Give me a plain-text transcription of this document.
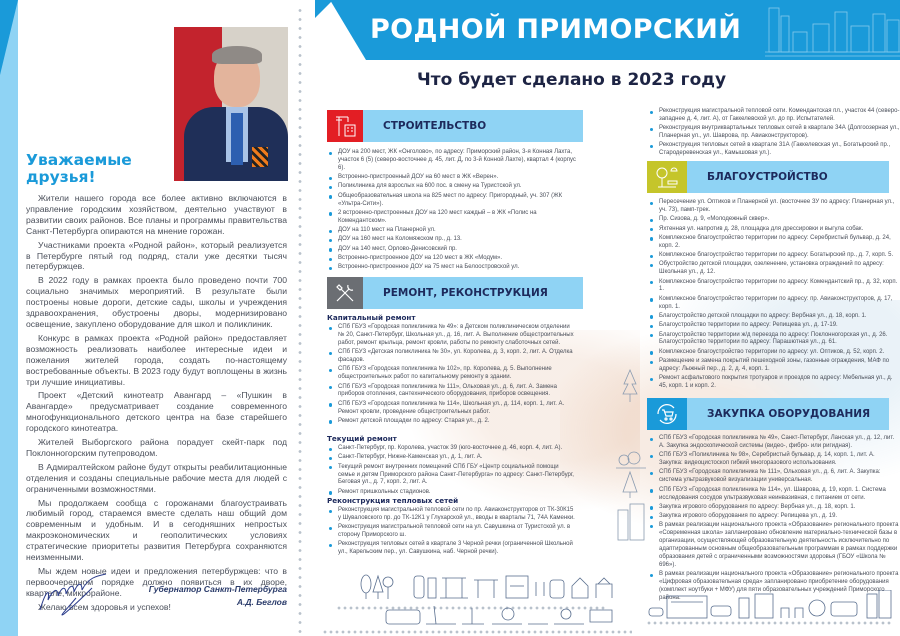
Уважаемые
друзья!

Жители нашего города все более активно включаются в управление городским хозяйством, деятельно участвуют в развитии своих районов. Все планы и программы правительства Санкт-Петербурга опираются на мнение горожан.

Участниками проекта «Родной район», который реализуется в Петербурге пятый год подряд, стали уже десятки тысяч петербуржцев.

В 2022 году в рамках проекта было проведено почти 700 социально значимых мероприятий. В результате были построены новые дороги, детские сады, школы и учреждения здравоохранения, обустроены дворы, модернизировано освещение, закуплено оборудование для школ и поликлиник.

Конкурс в рамках проекта «Родной район» предоставляет возможность реализовать наиболее интересные идеи и пожелания жителей города, создать по-настоящему востребованные объекты. В 2023 году будут воплощены в жизнь три лучшие инициативы.

Проект «Детский кинотеатр Авангард – «Пушкин в Авангарде» предусматривает создание современного многофункционального детского центра на базе старейшего городского кинотеатра.

Жителей Выборгского района порадует скейт-парк под Поклонногорским путепроводом.

В Адмиралтейском районе будут открыты реабилитационные отделения и созданы специальные рабочие места для людей с ограниченными возможностями.

Мы продолжаем сообща с горожанами благоустраивать любимый город, стараемся вместе сделать наш общий дом современным и удобным. И в сегодняшних непростых макроэкономических и геополитических условиях стратегические приоритеты развития Петербурга сохраняются неизменными.

Мы ждем новые идеи и предложения петербуржцев: что в первоочередном порядке должно появиться в их дворе, квартале, микрорайоне.

Желаю всем здоровья и успехов!

Губернатор Санкт-Петербурга
А.Д. Беглов
РОДНОЙ ПРИМОРСКИЙ
Что будет сделано в 2023 году
СТРОИТЕЛЬСТВО
ДОУ на 200 мест, ЖК «Онголово», по адресу: Приморский район, 3-я Конная Лахта, участок 6 (5) (северо-восточнее д. 45, лит. Д, по 3-й Конной Лахте), квартал 4 (корпус 6).
Встроенно-пристроенный ДОУ на 60 мест в ЖК «Верен».
Поликлиника для взрослых на 600 пос. в смену на Туристской ул.
Общеобразовательная школа на 825 мест по адресу: Пригородный, уч. 307 (ЖК «Ультра-Сити»).
2 встроенно-пристроенных ДОУ на 120 мест каждый – в ЖК «Полис на Комендантском».
ДОУ на 110 мест на Планерной ул.
ДОУ на 160 мест на Коломяжском пр., д. 13.
ДОУ на 140 мест, Орлово-Денисовский пр.
Встроенно-пристроенное ДОУ на 120 мест в ЖК «Модум».
Встроенно-пристроенное ДОУ на 75 мест на Белоостровской ул.
РЕМОНТ, РЕКОНСТРУКЦИЯ
Капитальный ремонт
СПб ГБУЗ «Городская поликлиника № 49»: в Детском поликлиническом отделении № 20, Санкт-Петербург, Школьная ул., д. 16, лит. А. Выполнение общестроительных работ, ремонт крыльца, ремонт кровли, работы по ремонту слаботочных сетей.
СПб ГБУЗ «Детская поликлиника № 30», ул. Королева, д. 3, корп. 2, лит. А. Отделка фасадов.
СПб ГБУЗ «Городская поликлиника № 102», пр. Королева, д. 5. Выполнение общестроительных работ по капитальному ремонту в здании.
СПб ГБУЗ «Городская поликлиника № 111», Ольховая ул., д. 6, лит. А. Замена приборов отопления, сантехнического оборудования, приборов освещения.
СПб ГБУЗ «Городская поликлиника № 114», Школьная ул., д. 114, корп. 1, лит. А. Ремонт кровли, проведение общестроительных работ.
Ремонт детской площадки по адресу: Старая ул., д. 2.
Текущий ремонт
Санкт-Петербург, пр. Королева, участок 39 (юго-восточнее д. 46, корп. 4, лит. А).
Санкт-Петербург, Нижне-Каменская ул., д. 1, лит. А.
Текущий ремонт внутренних помещений СПб ГБУ «Центр социальной помощи семье и детям Приморского района Санкт-Петербурга» по адресу: Санкт-Петербург, Беговая ул., д. 7, корп. 2, лит. А.
Ремонт пришкольных стадионов.
Реконструкция тепловых сетей
Реконструкция магистральной тепловой сети по пр. Авиаконструкторов от ТК-30К15 у Шуваловского пр. до ТК-12К1 у Глухарской ул., вводы в кварталы 71, 74А Каменки.
Реконструкция магистральной тепловой сети на ул. Савушкина от Туристской ул. в сторону Приморского ш.
Реконструкция тепловых сетей в квартале 3 Черной речки (ограниченной Школьной ул., Карельским пер., ул. Савушкина, наб. Черной речки).
Реконструкция магистральной тепловой сети. Комендантская пл., участок 44 (северо-западнее д. 4, лит. А), от Гаккелевской ул. до пр. Испытателей.
Реконструкция внутриквартальных тепловых сетей в квартале 34А (Долгоозерная ул., Планерная ул., ул. Шаврова, пр. Авиаконструкторов).
Реконструкция тепловых сетей в квартале 31А (Гаккелевская ул., Богатырский пр., Стародеревенская ул., Камышовая ул.).
БЛАГОУСТРОЙСТВО
Пересечение ул. Оптиков и Планерной ул. (восточнее ЗУ по адресу: Планерная ул., уч. 73), памп-трек.
Пр. Сизова, д. 9, «Молодежный сквер».
Яхтенная ул. напротив д. 28, площадка для дрессировки и выгула собак.
Комплексное благоустройство территории по адресу: Серебристый бульвар, д. 24, корп. 2.
Комплексное благоустройство территории по адресу: Богатырский пр., д. 7, корп. 5.
Обустройство детской площадки, озеленение, установка ограждений по адресу: Школьная ул., д. 12.
Комплексное благоустройство территории по адресу: Комендантский пр., д. 32, корп. 1.
Комплексное благоустройство территории по адресу: пр. Авиаконструкторов, д. 17, корп. 1.
Благоустройство детской площадки по адресу: Вербная ул., д. 18, корп. 1.
Благоустройство территории по адресу: Репищева ул., д. 17-19.
Благоустройство территории ж/д переезда по адресу: Поклонногорская ул., д. 26. Благоустройство территории по адресу: Парашютная ул., д. 61.
Комплексное благоустройство территории по адресу: ул. Оптиков, д. 52, корп. 2.
Размещение и замена покрытий пешеходной зоны, газонные ограждения, МАФ по адресу: Лыжный пер., д. 2, д. 4, корп. 1.
Ремонт асфальтового покрытия тротуаров и проездов по адресу: Мебельная ул., д. 45, корп. 1 и корп. 2.
ЗАКУПКА ОБОРУДОВАНИЯ
СПб ГБУЗ «Городская поликлиника № 49», Санкт-Петербург, Ланская ул., д. 12, лит. А. Закупка эндоскопической системы (видео-, фибро- или ригидная).
СПб ГБУЗ «Поликлиника № 98», Серебристый бульвар, д. 14, корп. 1, лит. А. Закупка: видеоцистоскоп гибкий многоразового использования.
СПб ГБУЗ «Городская поликлиника № 111», Ольховая ул., д. 6, лит. А. Закупка: система ультразвуковой визуализации универсальная.
СПб ГБУЗ «Городская поликлиника № 114», ул. Шаврова, д. 19, корп. 1. Система исследования сосудов ультразвуковая неинвазивная, с питанием от сети.
Закупка игрового оборудования по адресу: Вербная ул., д. 18, корп. 1.
Закупка игрового оборудования по адресу: Репищева ул., д. 19.
В рамках реализации национального проекта «Образование» регионального проекта «Современная школа» запланировано обновление материально-технической базы в организации, осуществляющей образовательную деятельность исключительно по адаптированным основным общеобразовательным программам в рамках поддержки образования детей с ограниченными возможностями здоровья (ГБОУ «Школа № 696»).
В рамках реализации национального проекта «Образование» регионального проекта «Цифровая образовательная среда» запланировано приобретение оборудования (комплект ноутбуки + МФУ) для пяти образовательных учреждений Приморского района.
